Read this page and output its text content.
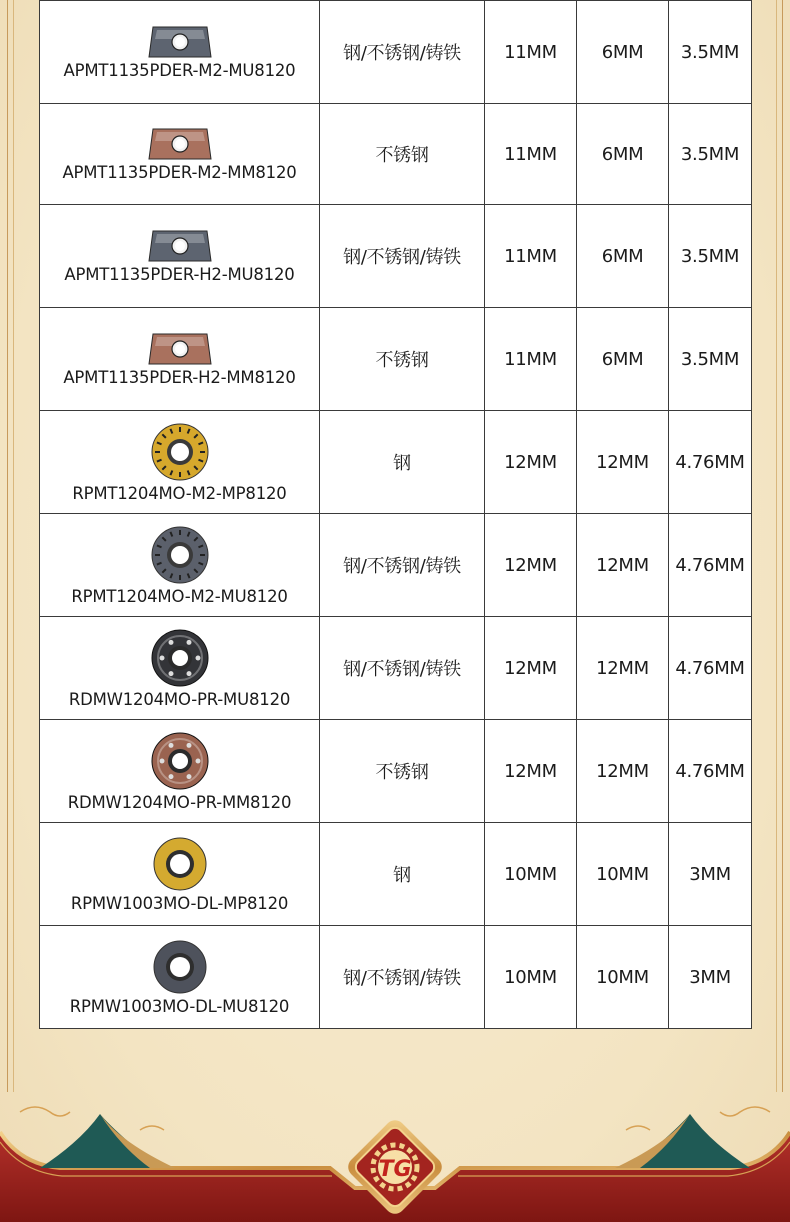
APMT1135PDER-M2-MU8120	钢/不锈钢/铸铁	11MM	6MM	3.5MM

APMT1135PDER-M2-MM8120	不锈钢	11MM	6MM	3.5MM

APMT1135PDER-H2-MU8120	钢/不锈钢/铸铁	11MM	6MM	3.5MM

APMT1135PDER-H2-MM8120	不锈钢	11MM	6MM	3.5MM

RPMT1204MO-M2-MP8120	钢	12MM	12MM	4.76MM

RPMT1204MO-M2-MU8120	钢/不锈钢/铸铁	12MM	12MM	4.76MM

RDMW1204MO-PR-MU8120	钢/不锈钢/铸铁	12MM	12MM	4.76MM

RDMW1204MO-PR-MM8120	不锈钢	12MM	12MM	4.76MM

RPMW1003MO-DL-MP8120	钢	10MM	10MM	3MM

RPMW1003MO-DL-MU8120	钢/不锈钢/铸铁	10MM	10MM	3MM
TG
